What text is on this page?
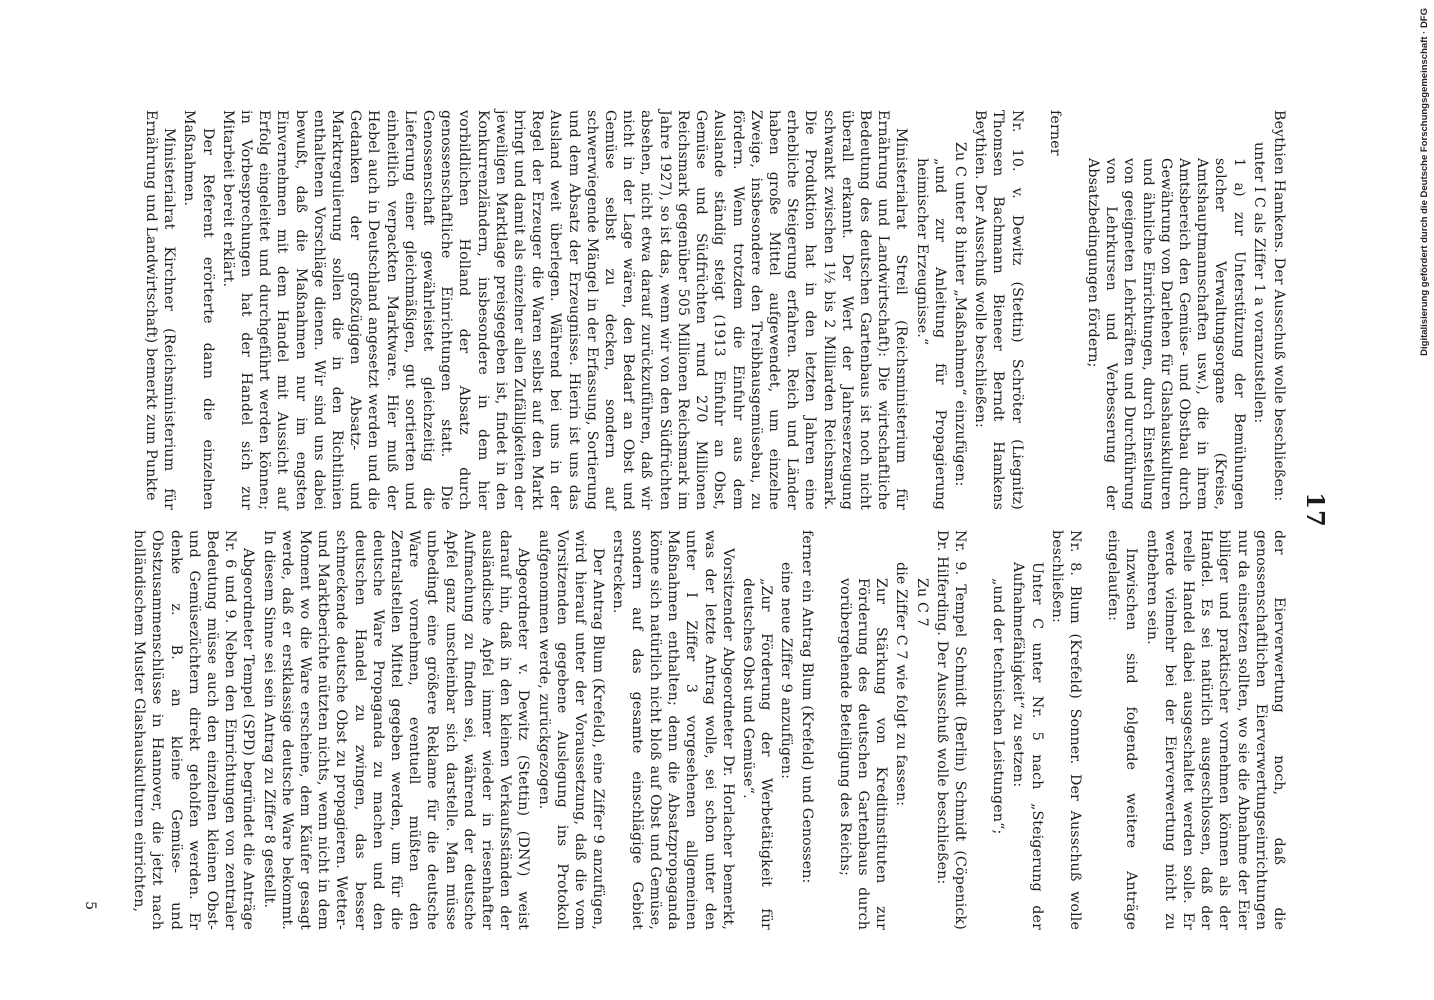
17

Beythien Hamkens. Der Ausschuß wolle beschließen:

unter I C als Ziffer 1 a voranzustellen:

1 a) zur Unterstützung der Bemühungen solcher Verwaltungsorgane (Kreise, Amtshauptmannschaften usw.), die in ihrem Amtsbereich den Gemüse- und Obstbau durch Gewährung von Darlehen für Glashauskulturen und ähnliche Einrichtungen, durch Einstellung von geeigneten Lehrkräften und Durchführung von Lehrkursen und Verbesserung der Absatzbedingungen fördern;

ferner

Nr. 10. v. Dewitz (Stettin) Schröter (Liegnitz) Thomsen Bachmann Bieneer Berndt Hamkens Beythien. Der Ausschuß wolle beschließen:

Zu C unter 8 hinter „Maßnahmen“ einzufügen:

„und zur Anleitung für Propagierung heimischer Erzeugnisse.“

Ministerialrat Streil (Reichsministerium für Ernährung und Landwirtschaft): Die wirtschaftliche Bedeutung des deutschen Gartenbaus ist noch nicht überall erkannt. Der Wert der Jahreserzeugung schwankt zwischen 1½ bis 2 Milliarden Reichsmark. Die Produktion hat in den letzten Jahren eine erhebliche Steigerung erfahren. Reich und Länder haben große Mittel aufgewendet, um einzelne Zweige, insbesondere den Treibhausgemüsebau, zu fördern. Wenn trotzdem die Einfuhr aus dem Auslande ständig steigt (1913 Einfuhr an Obst, Gemüse und Südfrüchten rund 270 Millionen Reichsmark gegenüber 505 Millionen Reichsmark im Jahre 1927), so ist das, wenn wir von den Südfrüchten absehen, nicht etwa darauf zurückzuführen, daß wir nicht in der Lage wären, den Bedarf an Obst und Gemüse selbst zu decken, sondern auf schwerwiegende Mängel in der Erfassung, Sortierung und dem Absatz der Erzeugnisse. Hierin ist uns das Ausland weit überlegen. Während bei uns in der Regel der Erzeuger die Waren selbst auf den Markt bringt und damit als einzelner allen Zufälligkeiten der jeweiligen Marktlage preisgegeben ist, findet in den Konkurrenzländern, insbesondere in dem hier vorbildlichen Holland der Absatz durch genossenschaftliche Einrichtungen statt. Die Genossenschaft gewährleistet gleichzeitig die Lieferung einer gleichmäßigen, gut sortierten und einheitlich verpackten Marktware. Hier muß der Hebel auch in Deutschland angesetzt werden und die Gedanken der großzügigen Absatz- und Marktregulierung sollen die in den Richtlinien enthaltenen Vorschläge dienen. Wir sind uns dabei bewußt, daß die Maßnahmen nur im engsten Einvernehmen mit dem Handel mit Aussicht auf Erfolg eingeleitet und durchgeführt werden können; in Vorbesprechungen hat der Handel sich zur Mitarbeit bereit erklärt.

Der Referent erörterte dann die einzelnen Maßnahmen.

Ministerialrat Kirchner (Reichsministerium für Ernährung und Landwirtschaft) bemerkt zum Punkte

der Eierverwertung noch, daß die genossenschaftlichen Eierverwertungseinrichtungen nur da einsetzen sollten, wo sie die Abnahme der Eier billiger und praktischer vornehmen können als der Handel. Es sei natürlich ausgeschlossen, daß der reelle Handel dabei ausgeschaltet werden solle. Er werde vielmehr bei der Eierverwertung nicht zu entbehren sein.

Inzwischen sind folgende weitere Anträge eingelaufen:

Nr. 8. Blum (Krefeld) Sonner. Der Ausschuß wolle beschließen:

Unter C unter Nr. 5 nach „Steigerung der Aufnahmefähigkeit“ zu setzen:

„und der technischen Leistungen“;

Nr. 9. Tempel Schmidt (Berlin) Schmidt (Cöpenick) Dr. Hilferding. Der Ausschuß wolle beschließen:

Zu C 7

die Ziffer C 7 wie folgt zu fassen:

Zur Stärkung von Kreditinstituten zur Förderung des deutschen Gartenbaus durch vorübergehende Beteiligung des Reichs;

ferner ein Antrag Blum (Krefeld) und Genossen:

eine neue Ziffer 9 anzufügen:

„Zur Förderung der Werbetätigkeit für deutsches Obst und Gemüse“.

Vorsitzender Abgeordneter Dr. Horlacher bemerkt, was der letzte Antrag wolle, sei schon unter den unter I Ziffer 3 vorgesehenen allgemeinen Maßnahmen enthalten; denn die Absatzpropaganda könne sich natürlich nicht bloß auf Obst und Gemüse, sondern auf das gesamte einschlägige Gebiet erstrecken.

Der Antrag Blum (Krefeld), eine Ziffer 9 anzufügen, wird hierauf unter der Voraussetzung, daß die vom Vorsitzenden gegebene Auslegung ins Protokoll aufgenommen werde, zurückgezogen.

Abgeordneter v. Dewitz (Stettin) (DNV) weist darauf hin, daß in den kleinen Verkaufsständen der ausländische Apfel immer wieder in riesenhafter Aufmachung zu finden sei, während der deutsche Apfel ganz unscheinbar sich darstelle. Man müsse unbedingt eine größere Reklame für die deutsche Ware vornehmen, eventuell müßten den Zentralstellen Mittel gegeben werden, um für die deutsche Ware Propaganda zu machen und den deutschen Handel zu zwingen, das besser schmeckende deutsche Obst zu propagieren. Wetter- und Marktberichte nützten nichts, wenn nicht in dem Moment wo die Ware erscheine, dem Käufer gesagt werde, daß er erstklassige deutsche Ware bekommt. In diesem Sinne sei sein Antrag zu Ziffer 8 gestellt.

Abgeordneter Tempel (SPD) begründet die Anträge Nr. 6 und 9. Neben den Einrichtungen von zentraler Bedeutung müsse auch den einzelnen kleinen Obst- und Gemüsezüchtern direkt geholfen werden. Er denke z. B. an kleine Gemüse- und Obstzusammenschlüsse in Hannover, die jetzt nach holländischem Muster Glashauskulturen einrichten,

5
Digitalisierung gefördert durch die Deutsche Forschungsgemeinschaft · DFG
